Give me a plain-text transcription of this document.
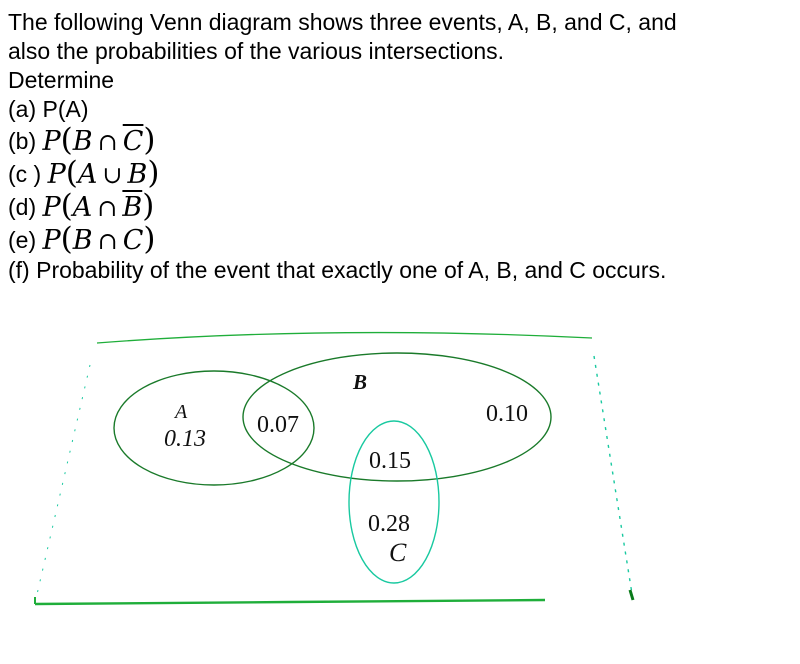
The following Venn diagram shows three events, A, B, and C, and
also the probabilities of the various intersections.
Determine
(a) P(A)
(b) P(B ∩ $\overline{C}$)
(c ) P(A ∪ B)
(d) P(A ∩ $\overline{B}$)
(e) P(B ∩ C)
(f) Probability of the event that exactly one of A, B, and C occurs.
A
B
C
0.13
0.07	0.10
0.15
0.28
